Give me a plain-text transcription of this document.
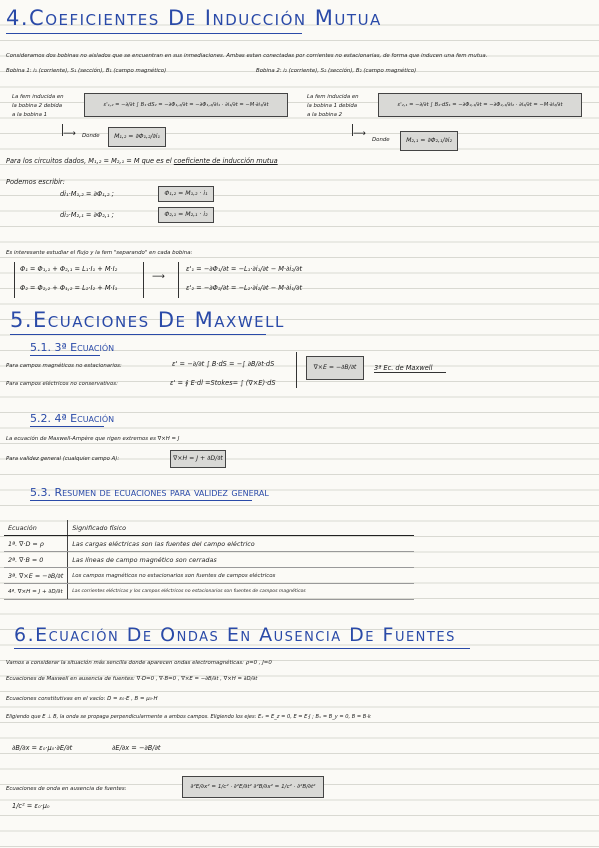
4.Coeficientes De Inducción Mutua
Consideramos dos bobinas no aislados que se encuentran en sus inmediaciones. Ambas estan conectadas por corrientes no estacionarias, de forma que inducen una fem mutua.
Bobina 1: i₁ (corriente), S₁ (sección), B₁ (campo magnético)	Bobina 2: i₂ (corriente), S₂ (sección), B₂ (campo magnético)
La fem inducida en
la bobina 2 debida
a la bobina 1
ε'₁,₂ = −∂/∂t ∫ B₁·dS₂ = −∂Φ₁,₂/∂t = −∂Φ₁,₂/∂i₁ · ∂i₁/∂t = −M·∂i₁/∂t
La fem inducida en
la bobina 1 debida
a la bobina 2
ε'₂,₁ = −∂/∂t ∫ B₂·dS₁ = −∂Φ₂,₁/∂t = −∂Φ₂,₁/∂i₂ · ∂i₂/∂t = −M·∂i₂/∂t
⟶ Donde	M₁,₂ = ∂Φ₁,₂/∂i₁	⟶
Donde	M₂,₁ = ∂Φ₂,₁/∂i₂
Para los circuitos dados, M₁,₂ = M₂,₁ = M que es el coeficiente de inducción mutua
Podemos escribir:
di₁·M₁,₂ = ∂Φ₁,₂ ;	Φ₁,₂ = M₁,₂ · i₁
di₂·M₂,₁ = ∂Φ₂,₁ ;	Φ₂,₁ = M₂,₁ · i₂
Es interesante estudiar el flujo y la fem "separando" en cada bobina:
Φ₁ = Φ₁,₁ + Φ₂,₁ = L₁·I₁ + M·I₂
Φ₂ = Φ₂,₂ + Φ₁,₂ = L₂·I₂ + M·I₁
⟶
ε'₁ = −∂Φ₁/∂t = −L₁·∂i₁/∂t − M·∂i₂/∂t
ε'₂ = −∂Φ₂/∂t = −L₂·∂i₂/∂t − M·∂i₁/∂t
5.Ecuaciones De Maxwell
5.1. 3ª Ecuación
Para campos magnéticos no estacionarios:	ε' = −∂/∂t ∫ B·dS = −∫ ∂B/∂t·dS
Para campos eléctricos no conservativos:	ε' = ∮ E·dl =Stokes= ∫ (∇×E)·dS
∇×E = −∂B/∂t	3ª Ec. de Maxwell
5.2. 4ª Ecuación
La ecuación de Maxwell-Ampère que rigen extremos es ∇×H = J
Para validez general (cualquier campo A):	∇×H = J + ∂D/∂t
5.3. Resumen de ecuaciones para validez general
Ecuación	Significado físico
1ª. ∇·D = ρ	Las cargas eléctricas son las fuentes del campo eléctrico
2ª. ∇·B = 0	Las líneas de campo magnético son cerradas
3ª. ∇×E = −∂B/∂t	Los campos magnéticos no estacionarios son fuentes de campos eléctricos
4ª. ∇×H = J + ∂D/∂t	Las corrientes eléctricas y los campos eléctricos no estacionarios son fuentes de campos magnéticos
6.Ecuación De Ondas En Ausencia De Fuentes
Vamos a considerar la situación más sencilla donde aparecen ondas electromagnéticas: ρ=0 , J=0
Ecuaciones de Maxwell en ausencia de fuentes: ∇·D=0 , ∇·B=0 , ∇×E = −∂B/∂t , ∇×H = ∂D/∂t
Ecuaciones constitutivas en el vacío: D = ε₀·E , B = μ₀·H
Eligiendo que E ⊥ B, la onda se propaga perpendicularmente a ambos campos. Eligiendo los ejes: Eₓ = E_z = 0, E = E·J ; Bₓ = B_y = 0, B = B·k
∂B/∂x = ε₀·μ₀·∂E/∂t	∂E/∂x = −∂B/∂t
Ecuaciones de onda en ausencia de fuentes:	∂²E/∂x² = 1/c² · ∂²E/∂t² ∂²B/∂x² = 1/c² · ∂²B/∂t²
1/c² = ε₀·μ₀
